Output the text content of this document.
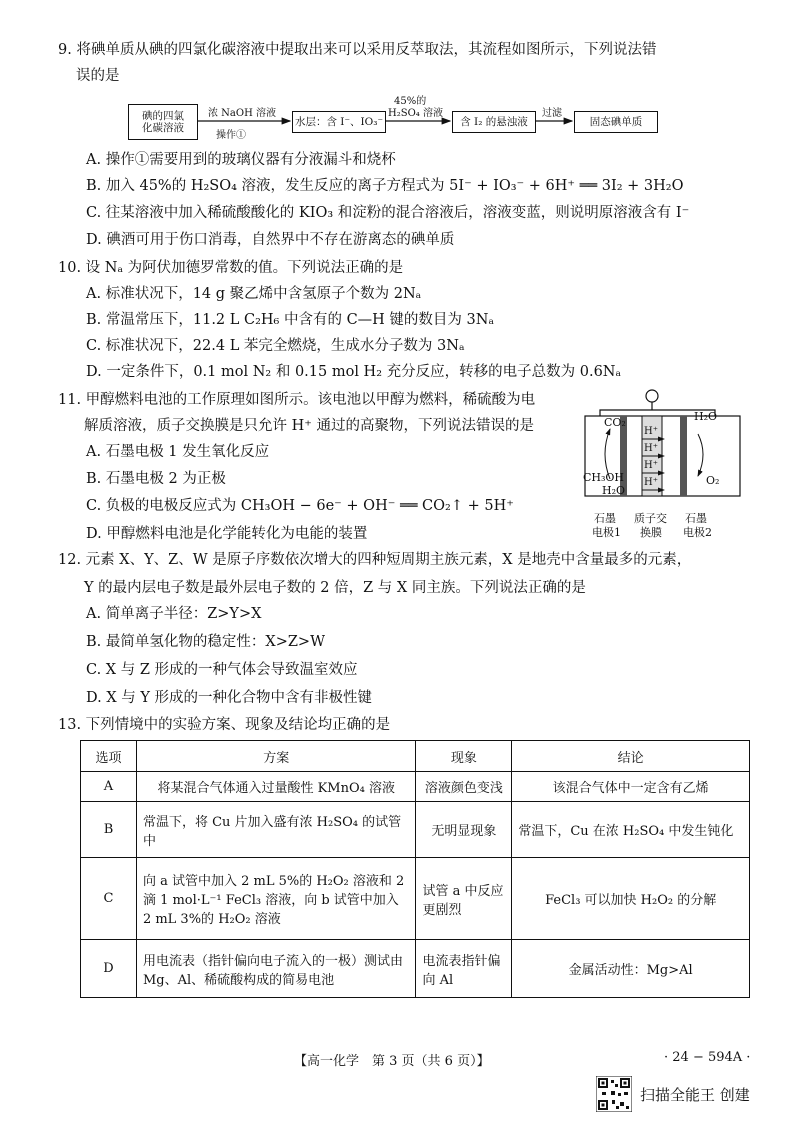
9. 将碘单质从碘的四氯化碳溶液中提取出来可以采用反萃取法，其流程如图所示，下列说法错
误的是
碘的四氯
化碳溶液
浓 NaOH 溶液
操作①
水层：含 I⁻、IO₃⁻
45%的
H₂SO₄ 溶液
含 I₂ 的悬浊液
过滤
固态碘单质
A. 操作①需要用到的玻璃仪器有分液漏斗和烧杯
B. 加入 45%的 H₂SO₄ 溶液，发生反应的离子方程式为 5I⁻ + IO₃⁻ + 6H⁺ ══ 3I₂ + 3H₂O
C. 往某溶液中加入稀硫酸酸化的 KIO₃ 和淀粉的混合溶液后，溶液变蓝，则说明原溶液含有 I⁻
D. 碘酒可用于伤口消毒，自然界中不存在游离态的碘单质
10. 设 Nₐ 为阿伏加德罗常数的值。下列说法正确的是
A. 标准状况下，14 g 聚乙烯中含氢原子个数为 2Nₐ
B. 常温常压下，11.2 L C₂H₆ 中含有的 C—H 键的数目为 3Nₐ
C. 标准状况下，22.4 L 苯完全燃烧，生成水分子数为 3Nₐ
D. 一定条件下，0.1 mol N₂ 和 0.15 mol H₂ 充分反应，转移的电子总数为 0.6Nₐ
11. 甲醇燃料电池的工作原理如图所示。该电池以甲醇为燃料，稀硫酸为电
解质溶液，质子交换膜是只允许 H⁺ 通过的高聚物，下列说法错误的是
A. 石墨电极 1 发生氧化反应
B. 石墨电极 2 为正极
C. 负极的电极反应式为 CH₃OH − 6e⁻ + OH⁻ ══ CO₂↑ + 5H⁺
D. 甲醇燃料电池是化学能转化为电能的装置
CO₂	H₂O
H⁺
H⁺
H⁺
H⁺
CH₃OH
H₂O
O₂
石墨
电极1
质子交
换膜
石墨
电极2
12. 元素 X、Y、Z、W 是原子序数依次增大的四种短周期主族元素，X 是地壳中含量最多的元素，
Y 的最内层电子数是最外层电子数的 2 倍，Z 与 X 同主族。下列说法正确的是
A. 简单离子半径：Z>Y>X
B. 最简单氢化物的稳定性：X>Z>W
C. X 与 Z 形成的一种气体会导致温室效应
D. X 与 Y 形成的一种化合物中含有非极性键
13. 下列情境中的实验方案、现象及结论均正确的是
选项	方案	现象	结论
A	将某混合气体通入过量酸性 KMnO₄ 溶液	溶液颜色变浅	该混合气体中一定含有乙烯
B	常温下，将 Cu 片加入盛有浓 H₂SO₄ 的试管中	无明显现象	常温下，Cu 在浓 H₂SO₄ 中发生钝化
C	向 a 试管中加入 2 mL 5%的 H₂O₂ 溶液和 2 滴 1 mol·L⁻¹ FeCl₃ 溶液，向 b 试管中加入 2 mL 3%的 H₂O₂ 溶液	试管 a 中反应更剧烈	FeCl₃ 可以加快 H₂O₂ 的分解
D	用电流表（指针偏向电子流入的一极）测试由 Mg、Al、稀硫酸构成的简易电池	电流表指针偏向 Al	金属活动性：Mg>Al
【高一化学　第 3 页（共 6 页）】	· 24 − 594A ·
扫描全能王 创建
